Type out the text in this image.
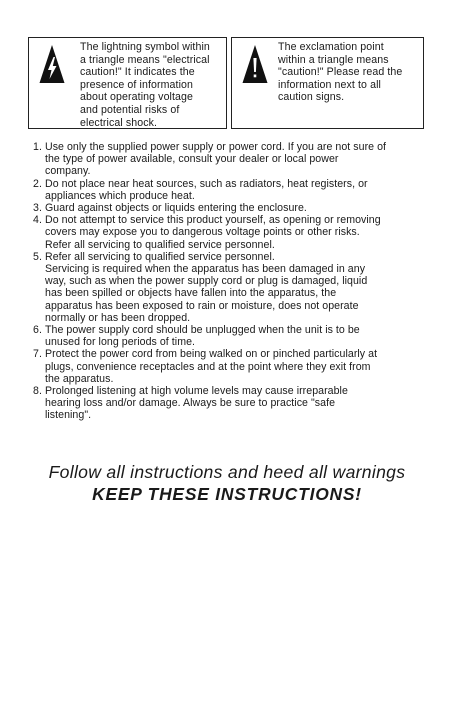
The lightning symbol within
a triangle means "electrical
caution!" It indicates the
presence of information
about operating voltage
and potential risks of
electrical shock.
The exclamation point
within a triangle means
"caution!" Please read the
information next to all
caution signs.
1. Use only the supplied power supply or power cord. If you are not sure of
the type of power available, consult your dealer or local power
company.
2. Do not place near heat sources, such as radiators, heat registers, or
appliances which produce heat.
3. Guard against objects or liquids entering the enclosure.
4. Do not attempt to service this product yourself, as opening or removing
covers may expose you to dangerous voltage points or other risks.
Refer all servicing to qualified service personnel.
5. Refer all servicing to qualified service personnel.
Servicing is required when the apparatus has been damaged in any
way, such as when the power supply cord or plug is damaged, liquid
has been spilled or objects have fallen into the apparatus, the
apparatus has been exposed to rain or moisture, does not operate
normally or has been dropped.
6. The power supply cord should be unplugged when the unit is to be
unused for long periods of time.
7. Protect the power cord from being walked on or pinched particularly at
plugs, convenience receptacles and at the point where they exit from
the apparatus.
8. Prolonged listening at high volume levels may cause irreparable
hearing loss and/or damage. Always be sure to practice "safe
listening".
Follow all instructions and heed all warnings
KEEP THESE INSTRUCTIONS!
